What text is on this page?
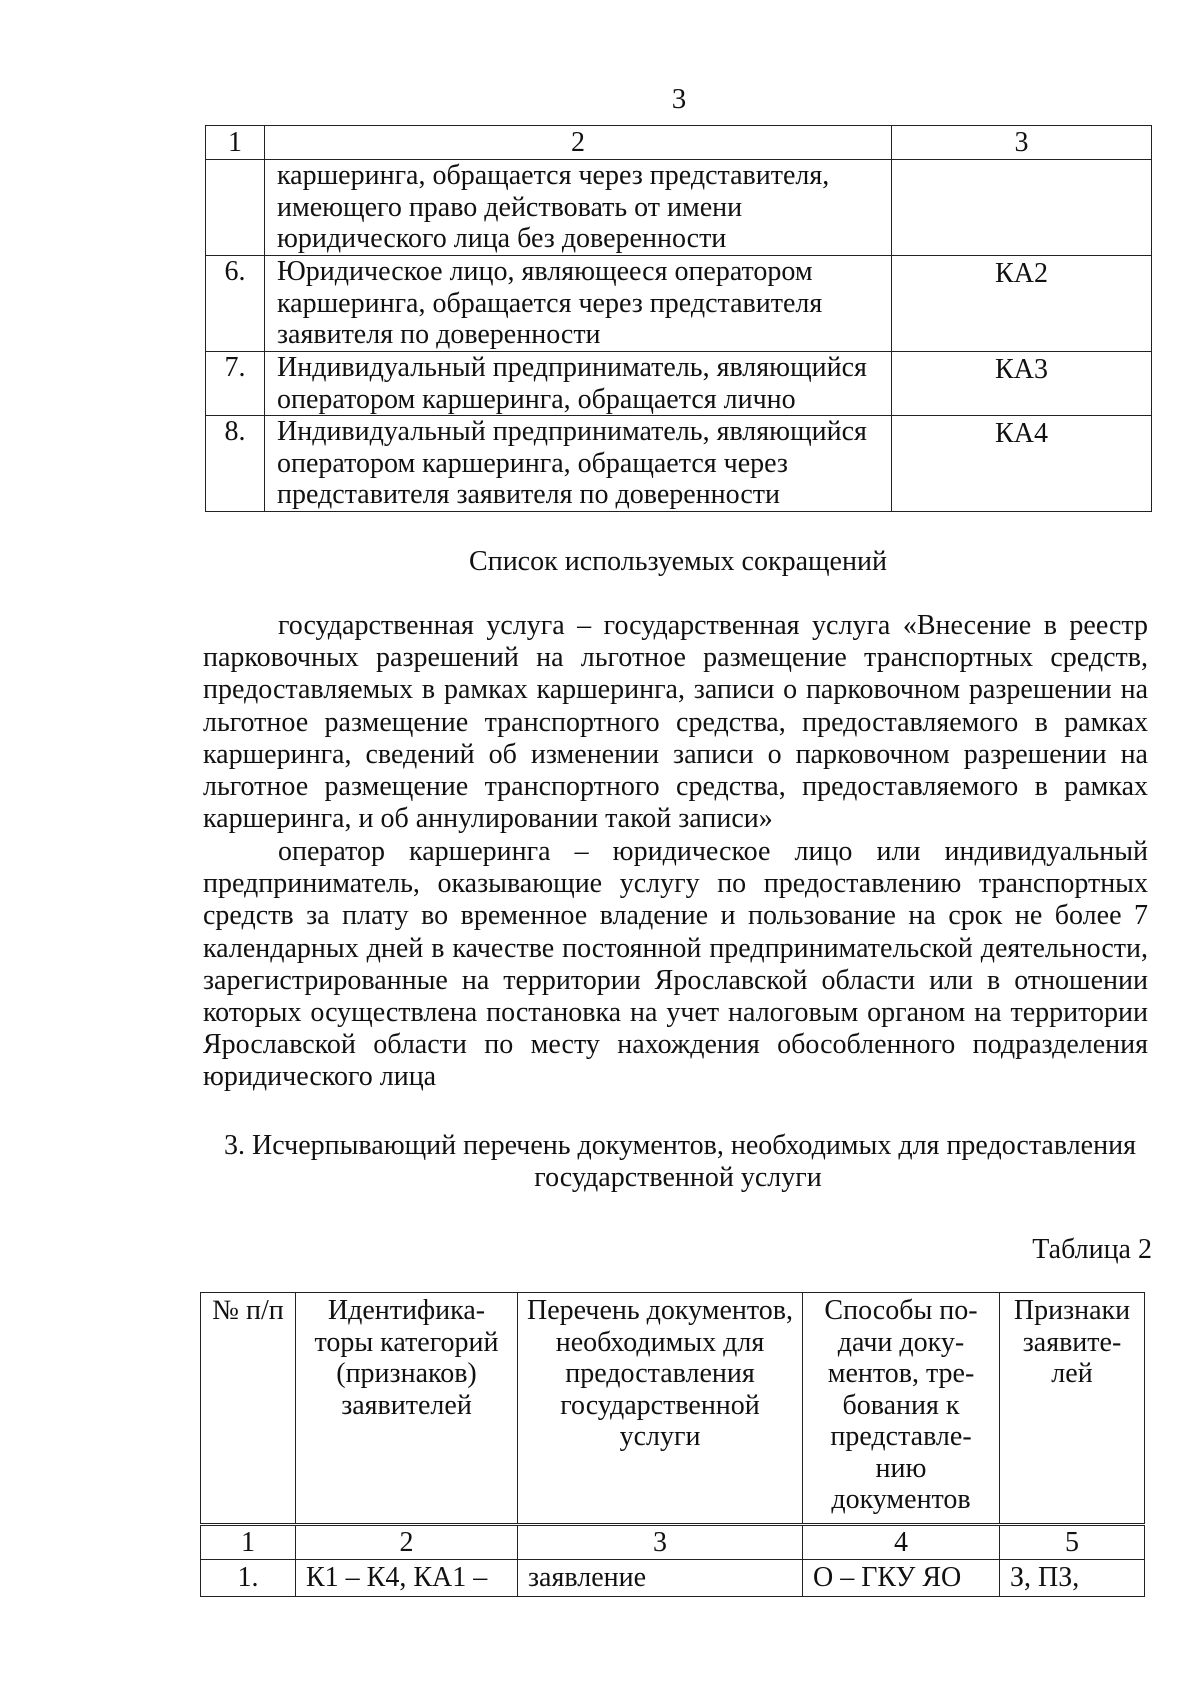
3
1	2	3
	каршеринга, обращается через представителя, имеющего право действовать от имени юридического лица без доверенности	
6.	Юридическое лицо, являющееся оператором каршеринга, обращается через представителя заявителя по доверенности	КА2
7.	Индивидуальный предприниматель, являющийся оператором каршеринга, обращается лично	КА3
8.	Индивидуальный предприниматель, являющийся оператором каршеринга, обращается через представителя заявителя по доверенности	КА4
Список используемых сокращений

государственная услуга – государственная услуга «Внесение в реестр парковочных разрешений на льготное размещение транспортных средств, предоставляемых в рамках каршеринга, записи о парковочном разрешении на льготное размещение транспортного средства, предоставляемого в рамках каршеринга, сведений об изменении записи о парковочном разрешении на льготное размещение транспортного средства, предоставляемого в рамках каршеринга, и об аннулировании такой записи»

оператор каршеринга – юридическое лицо или индивидуальный предприниматель, оказывающие услугу по предоставлению транспортных средств за плату во временное владение и пользование на срок не более 7 календарных дней в качестве постоянной предпринимательской деятельности, зарегистрированные на территории Ярославской области или в отношении которых осуществлена постановка на учет налоговым органом на территории Ярославской области по месту нахождения обособленного подразделения юридического лица

3. Исчерпывающий перечень документов, необходимых для предоставления
государственной услуги
Таблица 2
№ п/п	Идентифика-торы категорий (признаков) заявителей	Перечень документов, необходимых для предоставления государственной услуги	Способы по-дачи доку-ментов, тре-бования к представле-нию документов	Признаки заявите-лей
1	2	3	4	5
1.	К1 – К4, КА1 –	заявление	О – ГКУ ЯО	З, ПЗ,
